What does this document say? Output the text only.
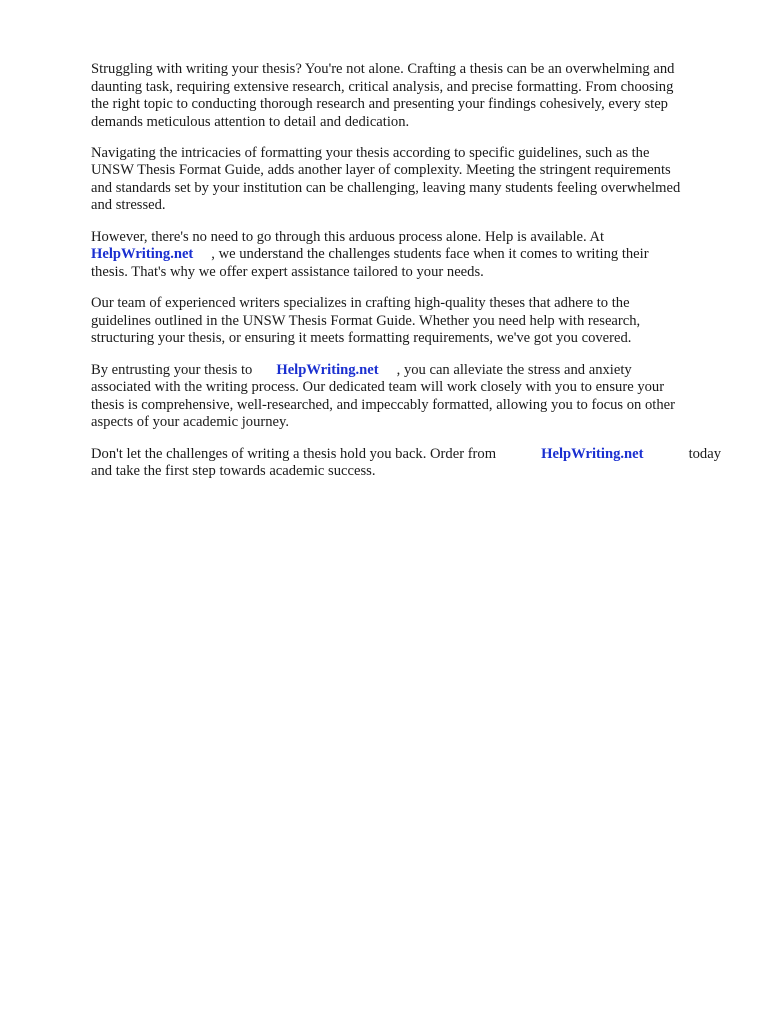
Struggling with writing your thesis? You're not alone. Crafting a thesis can be an overwhelming and
daunting task, requiring extensive research, critical analysis, and precise formatting. From choosing
the right topic to conducting thorough research and presenting your findings cohesively, every step
demands meticulous attention to detail and dedication.
Navigating the intricacies of formatting your thesis according to specific guidelines, such as the
UNSW Thesis Format Guide, adds another layer of complexity. Meeting the stringent requirements
and standards set by your institution can be challenging, leaving many students feeling overwhelmed
and stressed.
However, there's no need to go through this arduous process alone. Help is available. At
HelpWriting.net , we understand the challenges students face when it comes to writing their
thesis. That's why we offer expert assistance tailored to your needs.
Our team of experienced writers specializes in crafting high-quality theses that adhere to the
guidelines outlined in the UNSW Thesis Format Guide. Whether you need help with research,
structuring your thesis, or ensuring it meets formatting requirements, we've got you covered.
By entrusting your thesis to HelpWriting.net , you can alleviate the stress and anxiety
associated with the writing process. Our dedicated team will work closely with you to ensure your
thesis is comprehensive, well-researched, and impeccably formatted, allowing you to focus on other
aspects of your academic journey.
Don't let the challenges of writing a thesis hold you back. Order from	HelpWriting.net	today
and take the first step towards academic success.
